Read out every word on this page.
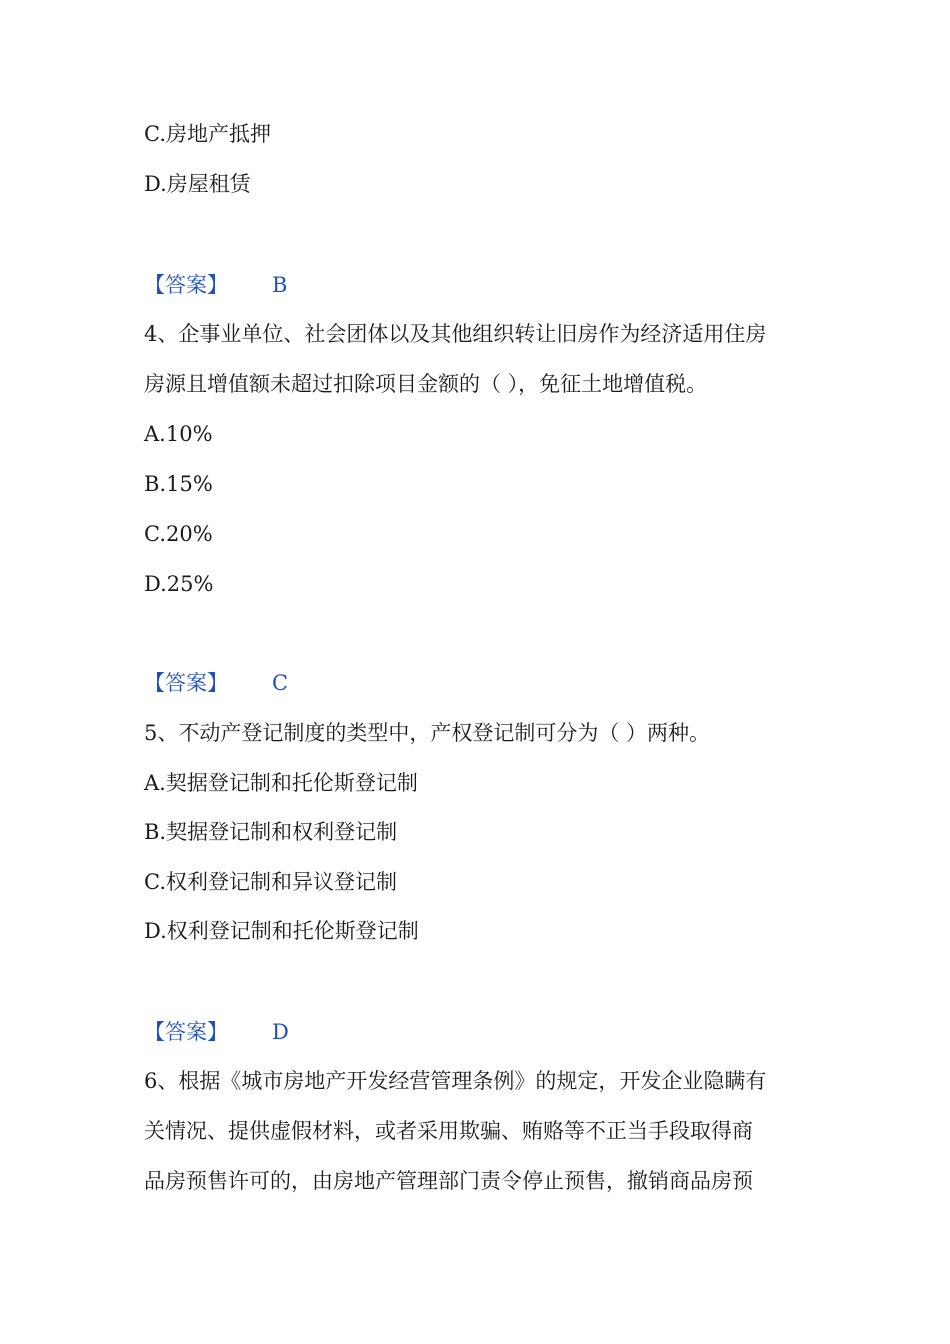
C.房地产抵押
D.房屋租赁
【答案】 B
4、企事业单位、社会团体以及其他组织转让旧房作为经济适用住房
房源且增值额未超过扣除项目金额的（ ），免征土地增值税。
A.10%
B.15%
C.20%
D.25%
【答案】 C
5、不动产登记制度的类型中，产权登记制可分为（ ）两种。
A.契据登记制和托伦斯登记制
B.契据登记制和权利登记制
C.权利登记制和异议登记制
D.权利登记制和托伦斯登记制
【答案】 D
6、根据《城市房地产开发经营管理条例》的规定，开发企业隐瞒有
关情况、提供虚假材料，或者采用欺骗、贿赂等不正当手段取得商
品房预售许可的，由房地产管理部门责令停止预售，撤销商品房预
